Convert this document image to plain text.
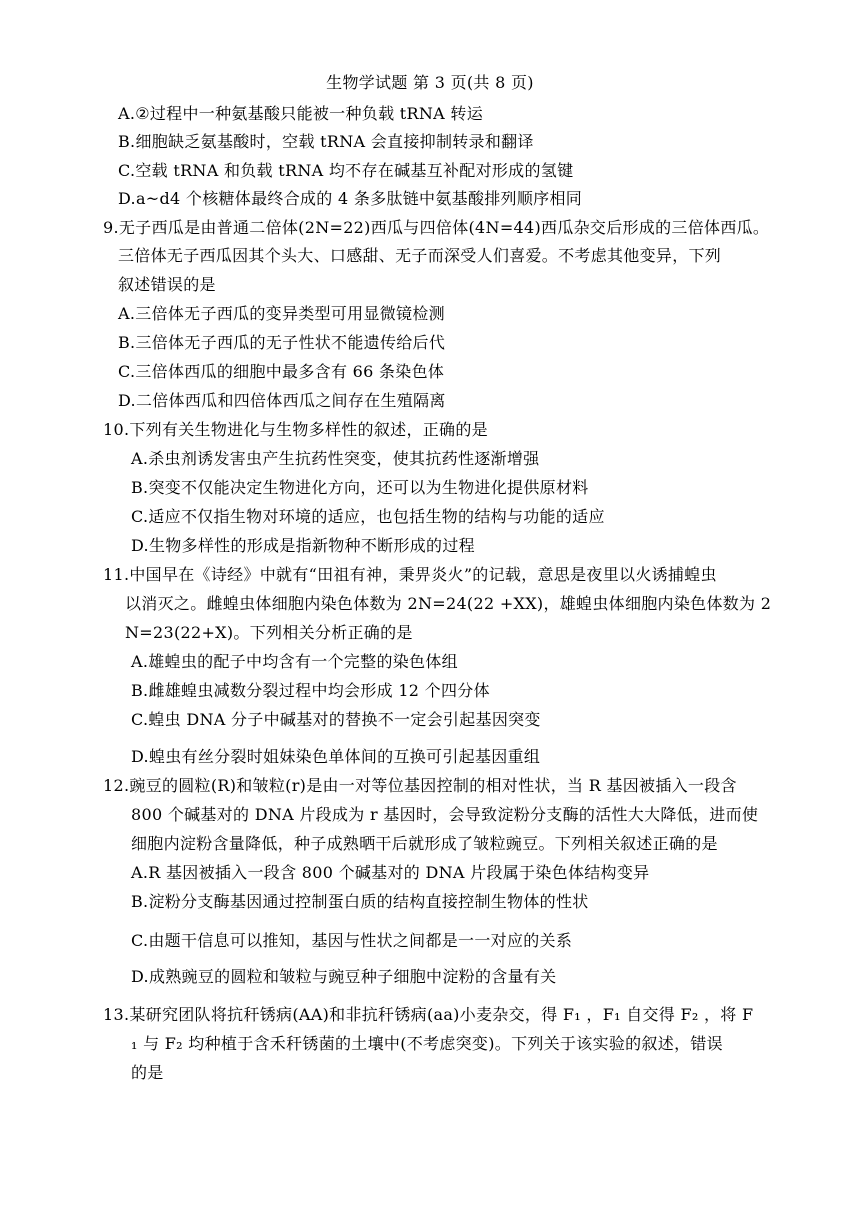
生物学试题 第 3 页(共 8 页)
A.②过程中一种氨基酸只能被一种负载 tRNA 转运
B.细胞缺乏氨基酸时，空载 tRNA 会直接抑制转录和翻译
C.空载 tRNA 和负载 tRNA 均不存在碱基互补配对形成的氢键
D.a~d4 个核糖体最终合成的 4 条多肽链中氨基酸排列顺序相同
9.无子西瓜是由普通二倍体(2N=22)西瓜与四倍体(4N=44)西瓜杂交后形成的三倍体西瓜。
三倍体无子西瓜因其个头大、口感甜、无子而深受人们喜爱。不考虑其他变异，下列
叙述错误的是
A.三倍体无子西瓜的变异类型可用显微镜检测
B.三倍体无子西瓜的无子性状不能遗传给后代
C.三倍体西瓜的细胞中最多含有 66 条染色体
D.二倍体西瓜和四倍体西瓜之间存在生殖隔离
10.下列有关生物进化与生物多样性的叙述，正确的是
A.杀虫剂诱发害虫产生抗药性突变，使其抗药性逐渐增强
B.突变不仅能决定生物进化方向，还可以为生物进化提供原材料
C.适应不仅指生物对环境的适应，也包括生物的结构与功能的适应
D.生物多样性的形成是指新物种不断形成的过程
11.中国早在《诗经》中就有“田祖有神，秉畀炎火”的记载，意思是夜里以火诱捕蝗虫
以消灭之。雌蝗虫体细胞内染色体数为 2N=24(22 +XX)，雄蝗虫体细胞内染色体数为 2
N=23(22+X)。下列相关分析正确的是
A.雄蝗虫的配子中均含有一个完整的染色体组
B.雌雄蝗虫减数分裂过程中均会形成 12 个四分体
C.蝗虫 DNA 分子中碱基对的替换不一定会引起基因突变
D.蝗虫有丝分裂时姐妹染色单体间的互换可引起基因重组
12.豌豆的圆粒(R)和皱粒(r)是由一对等位基因控制的相对性状，当 R 基因被插入一段含
800 个碱基对的 DNA 片段成为 r 基因时，会导致淀粉分支酶的活性大大降低，进而使
细胞内淀粉含量降低，种子成熟晒干后就形成了皱粒豌豆。下列相关叙述正确的是
A.R 基因被插入一段含 800 个碱基对的 DNA 片段属于染色体结构变异
B.淀粉分支酶基因通过控制蛋白质的结构直接控制生物体的性状
C.由题干信息可以推知，基因与性状之间都是一一对应的关系
D.成熟豌豆的圆粒和皱粒与豌豆种子细胞中淀粉的含量有关
13.某研究团队将抗秆锈病(AA)和非抗秆锈病(aa)小麦杂交，得 F₁ ，F₁ 自交得 F₂ ，将 F
₁ 与 F₂ 均种植于含禾秆锈菌的土壤中(不考虑突变)。下列关于该实验的叙述，错误
的是
